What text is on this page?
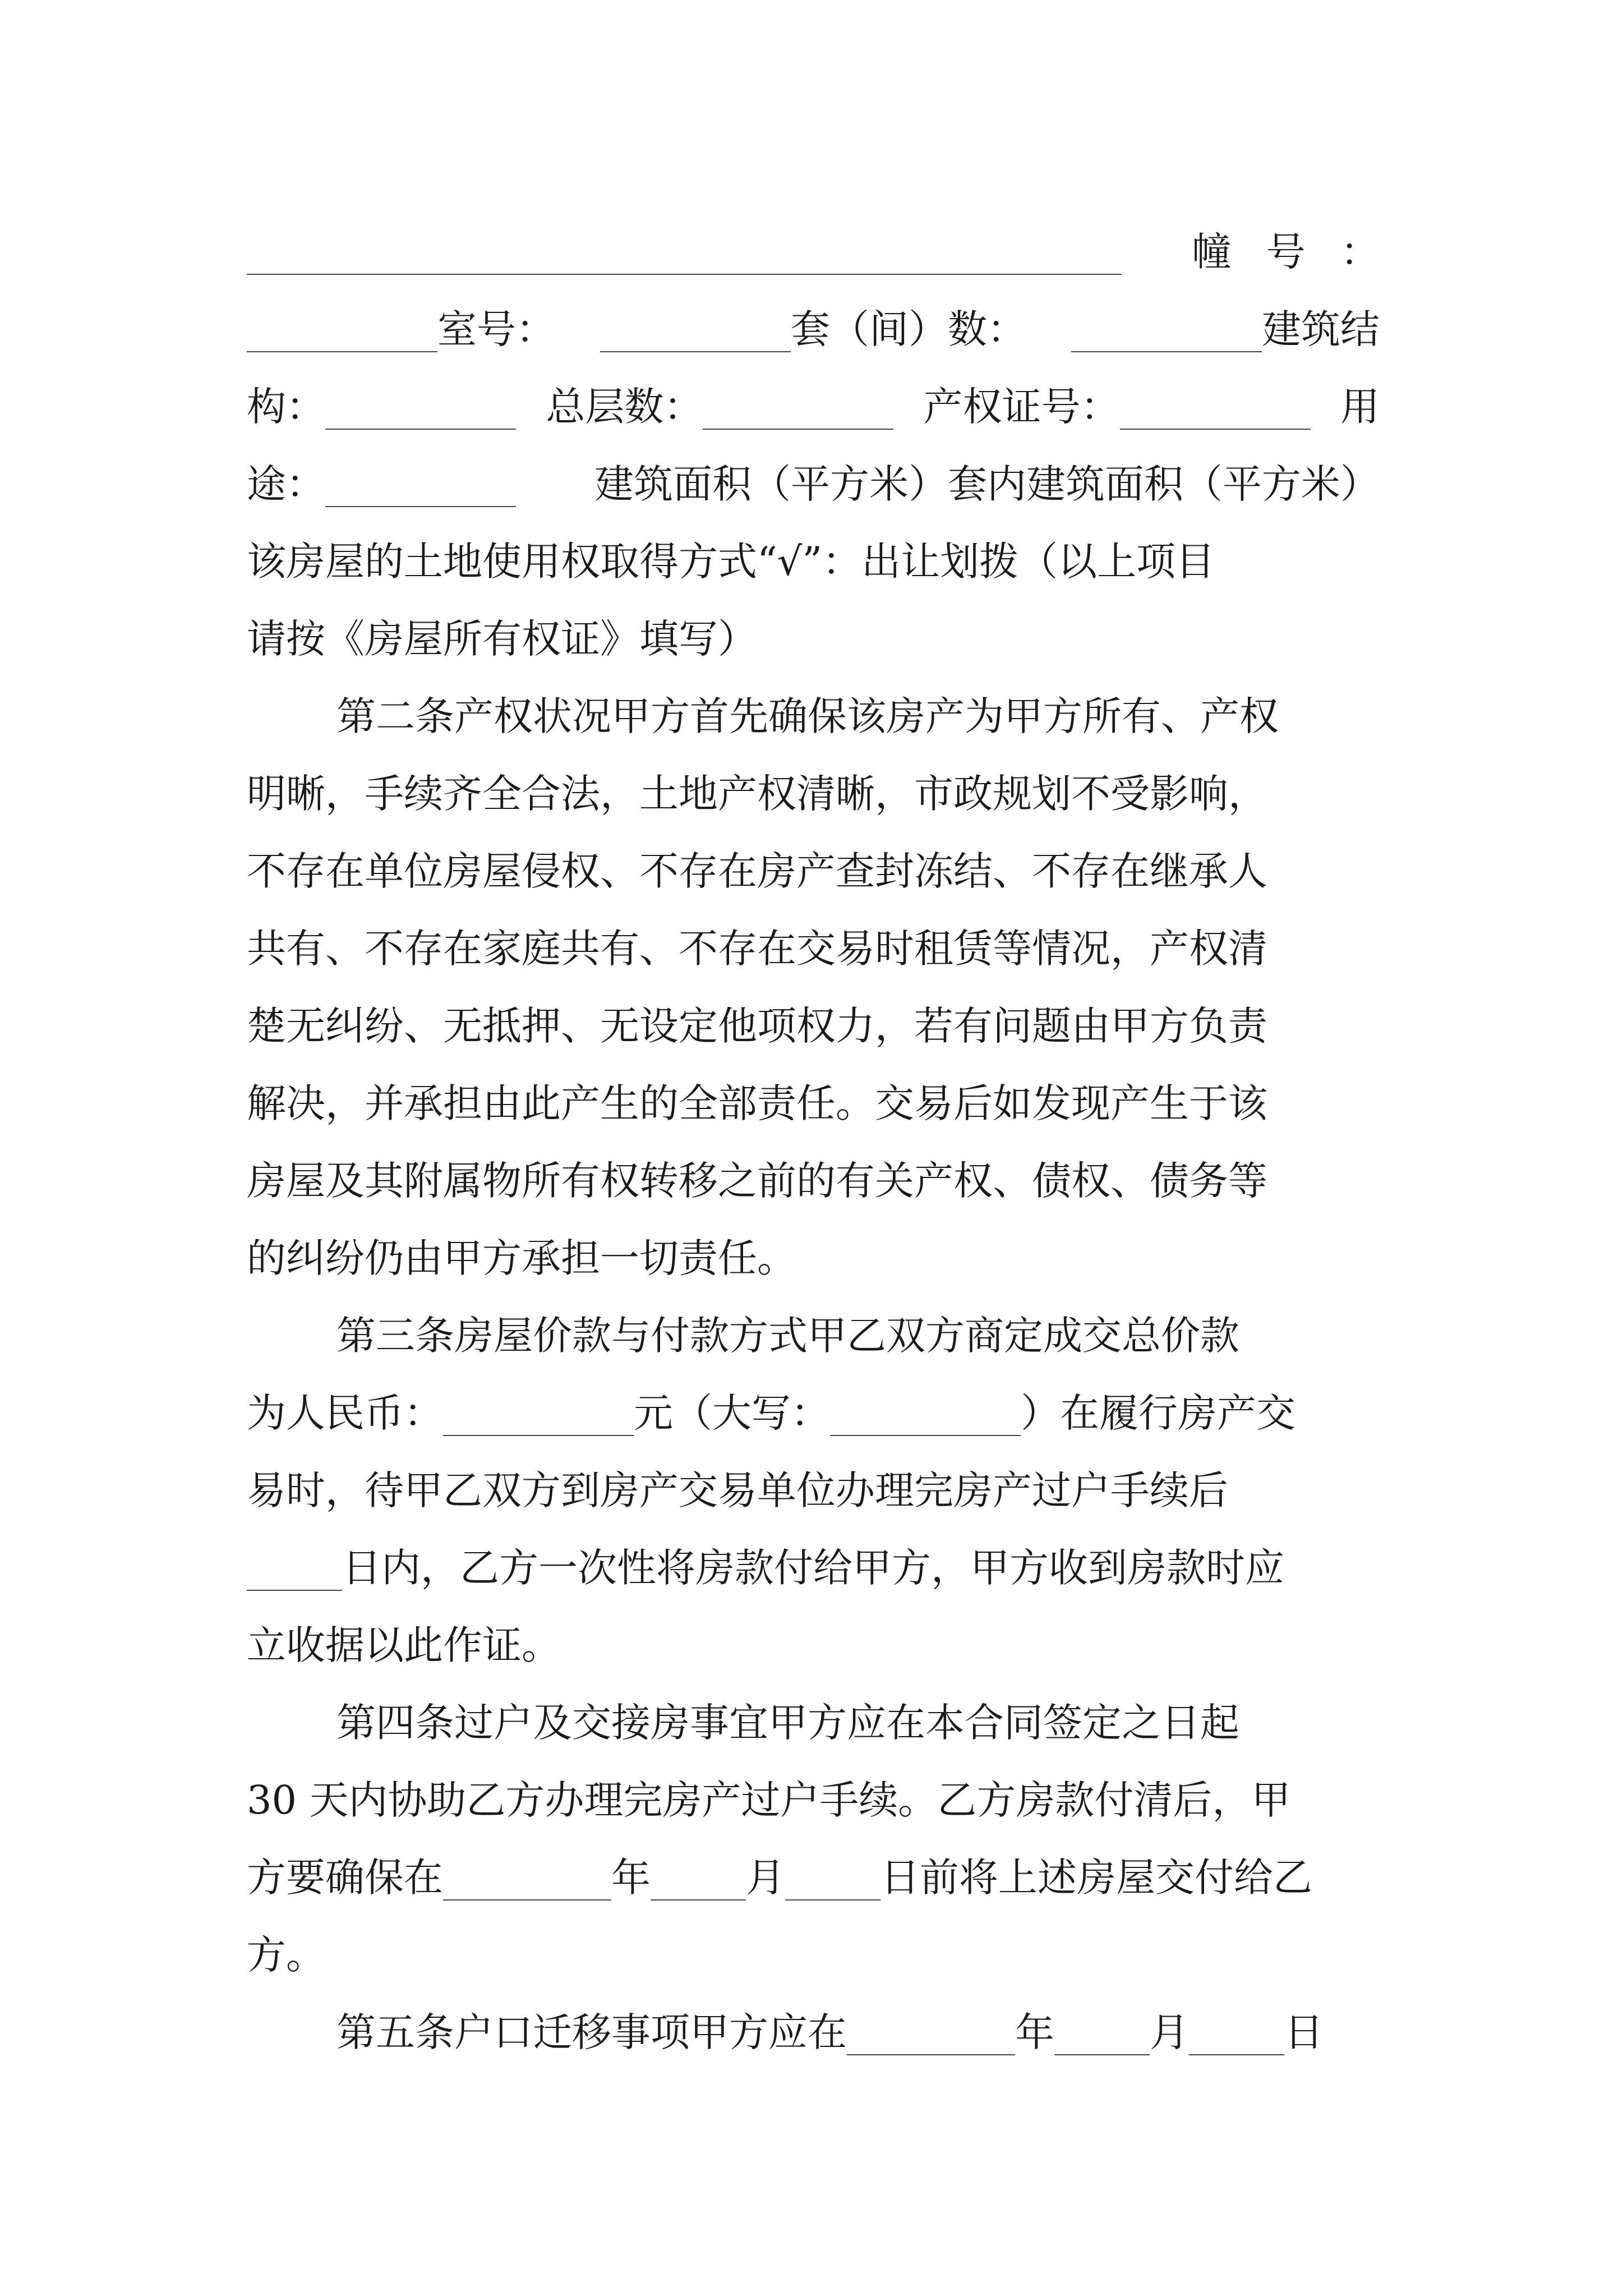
幢 号 ：
室号：	套（间）数：	建筑结
构：	总层数：	产权证号：	用
途：	建筑面积（平方米）套内建筑面积（平方米）
该房屋的土地使用权取得方式“√”：出让划拨（以上项目
请按《房屋所有权证》填写）
第二条产权状况甲方首先确保该房产为甲方所有、产权
明晰，手续齐全合法，土地产权清晰，市政规划不受影响，
不存在单位房屋侵权、不存在房产查封冻结、不存在继承人
共有、不存在家庭共有、不存在交易时租赁等情况，产权清
楚无纠纷、无抵押、无设定他项权力，若有问题由甲方负责
解决，并承担由此产生的全部责任。交易后如发现产生于该
房屋及其附属物所有权转移之前的有关产权、债权、债务等
的纠纷仍由甲方承担一切责任。
第三条房屋价款与付款方式甲乙双方商定成交总价款
为人民币：	元（大写：	）在履行房产交
易时，待甲乙双方到房产交易单位办理完房产过户手续后
日内，乙方一次性将房款付给甲方，甲方收到房款时应
立收据以此作证。
第四条过户及交接房事宜甲方应在本合同签定之日起
30 天内协助乙方办理完房产过户手续。乙方房款付清后，甲
方要确保在	年 月 日前将上述房屋交付给乙
方。
第五条户口迁移事项甲方应在	年 月 日
